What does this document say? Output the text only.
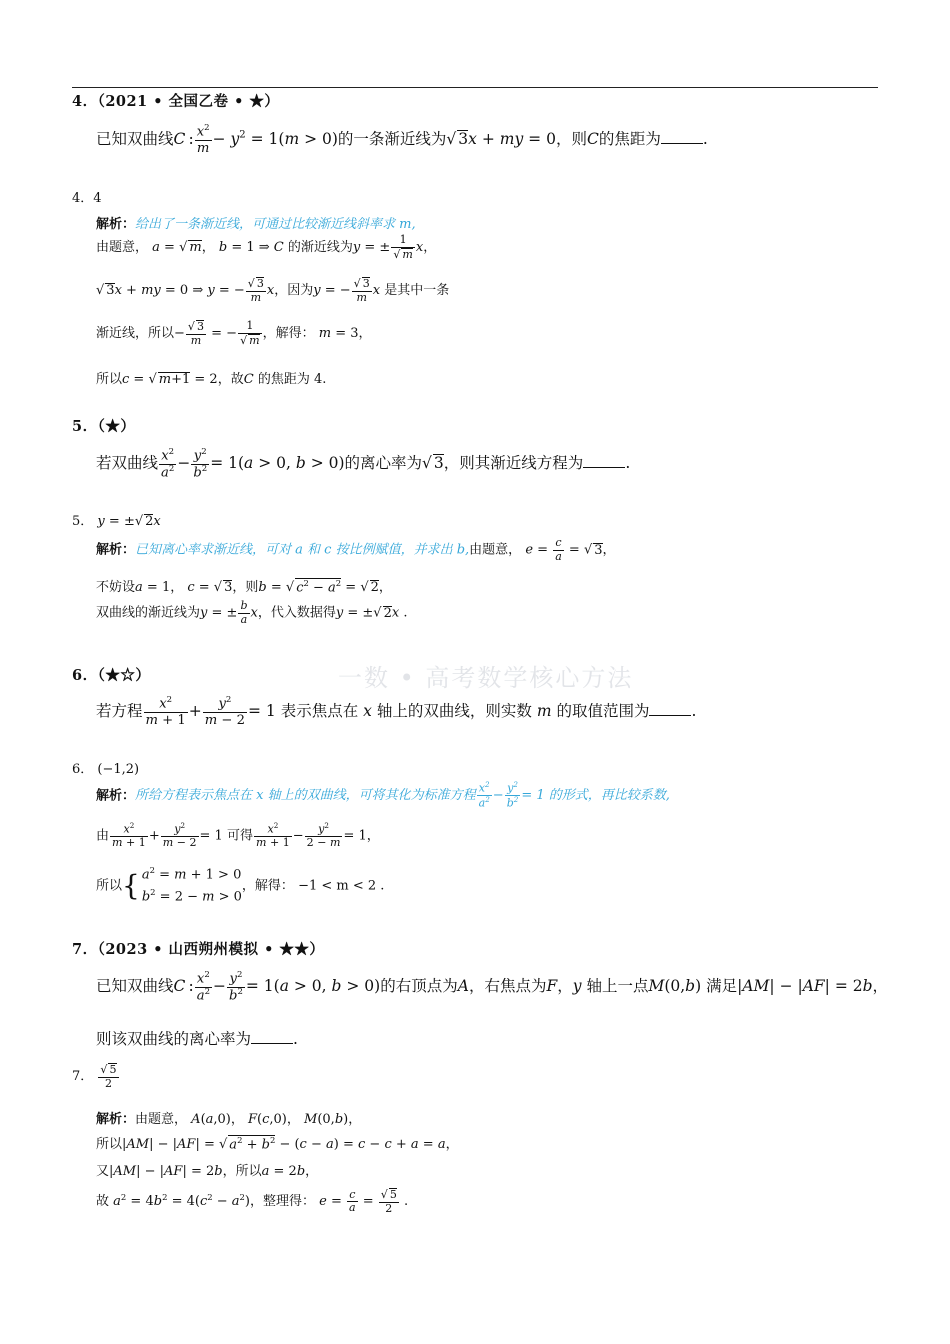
一数 • 高考数学核心方法
4．（2021 • 全国乙卷 • ★）
已知双曲线C : $\frac{x^2}{m} - y^2 = 1(m > 0)$的一条渐近线为√ 3x + my = 0，则C的焦距为	.
4．4
解析：给出了一条渐近线，可通过比较渐近线斜率求 m,
由题意， a = √ m， b = 1 ⇒ C 的渐近线为y = ± $\frac{1}{√ m}$ x，
√ 3x + my = 0 ⇒ y = − $\frac{√ 3}{m}$ x，因为y = − $\frac{√ 3}{m}$ x 是其中一条
渐近线，所以− $\frac{√ 3}{m}$ = − $\frac{1}{√ m}$ ，解得： m = 3，
所以c = √ m+1 = 2，故C 的焦距为 4.
5．（★）
若双曲线 $\frac{x^2}{a^2} - \frac{y^2}{b^2} = 1(a > 0$, b > 0)的离心率为√ 3，则其渐近线方程为	.
5． y = ±√ 2x
解析：已知离心率求渐近线，可对 a 和 c 按比例赋值，并求出 b,由题意， $e = \frac{c}{a}$ = √ 3，
不妨设a = 1， c = √ 3，则b = √ $c^2 - a^2$ = √ 2，
双曲线的渐近线为y = ± $\frac{b}{a}$ x，代入数据得y = ±√ 2x .
6．（★☆）
若方程 $\frac{x^2}{m + 1} + \frac{y^2}{m - 2} = 1$ 表示焦点在 x 轴上的双曲线，则实数 m 的取值范围为	.
6． (−1,2)
解析：所给方程表示焦点在 x 轴上的双曲线，可将其化为标准方程 $\frac{x^2}{a^2} - \frac{y^2}{b^2} = 1$ 的形式，再比较系数,
由 $\frac{x^2}{m + 1} + \frac{y^2}{m - 2} = 1$ 可得 $\frac{x^2}{m + 1} - \frac{y^2}{2 - m} = 1$，
所以{ $a^2 = m + 1 > 0$
$b^2 = 2 - m > 0$
，解得： −1 < m < 2 .
7．（2023 • 山西朔州模拟 • ★★）
已知双曲线C : $\frac{x^2}{a^2} - \frac{y^2}{b^2} = 1(a > 0$, b > 0)的右顶点为A，右焦点为F，y 轴上一点M(0,b) 满足|AM| − |AF| = 2b，
则该双曲线的离心率为	.
7． $\frac{√ 5}{2}$
解析：由题意， A(a,0)， F(c,0)， M(0,b)，
所以|AM| − |AF| = √ $a^2 + b^2 - (c - a) = c - c + a = a$，
又|AM| − |AF| = 2b，所以a = 2b，
故 $a^2 = 4b^2 = 4(c^2 - a^2)$，整理得： $e = \frac{c}{a} = \frac{√ 5}{2}$ .
